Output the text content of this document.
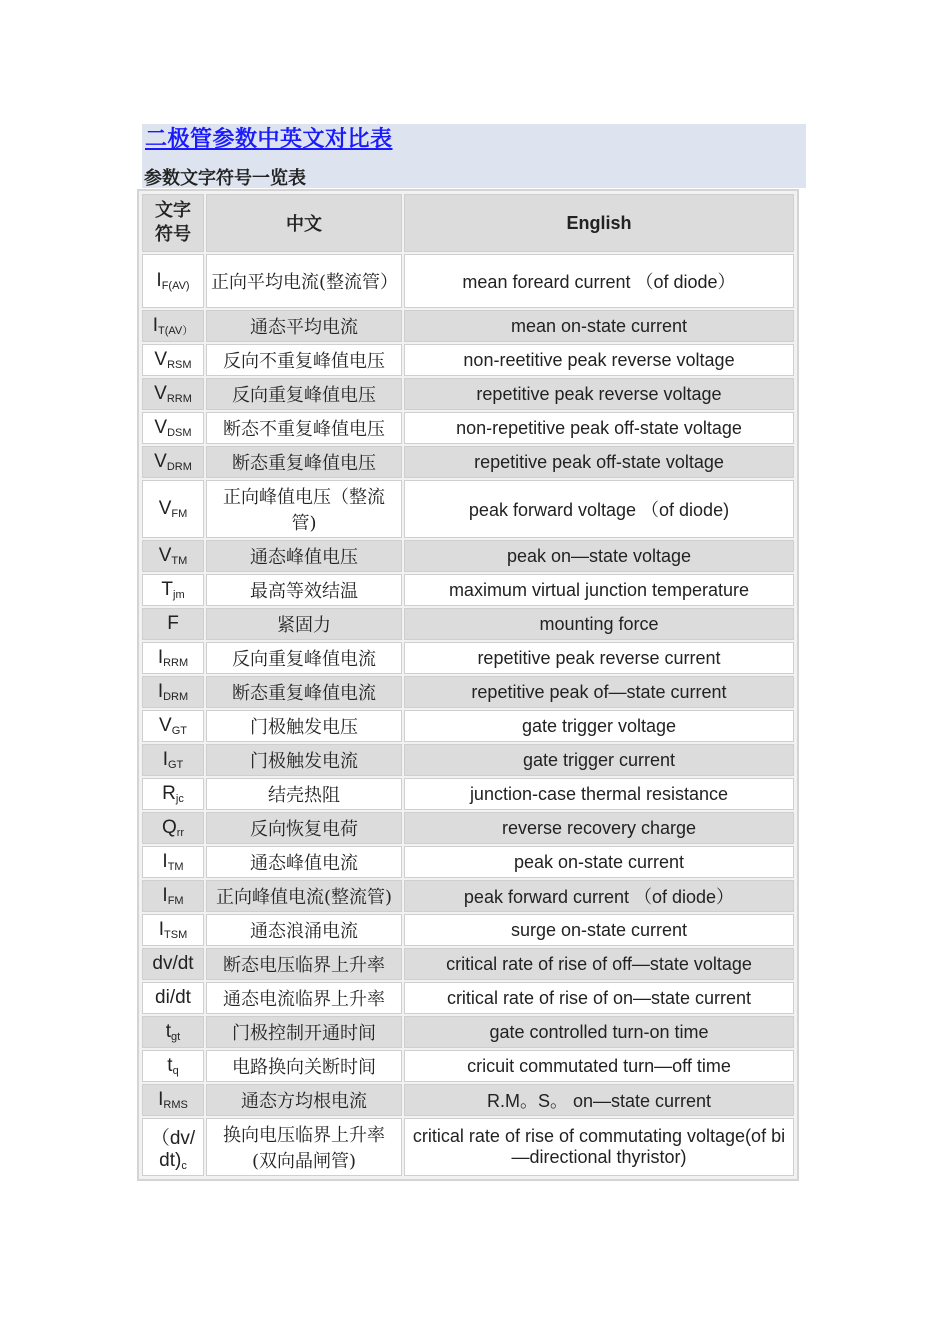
二极管参数中英文对比表
参数文字符号一览表
文字符号	中文	English
$I_{F(AV)}$	正向平均电流(整流管）	mean foreard current （of diode）
$I_{T(AV)}$	通态平均电流	mean on-state current
$V_{RSM}$	反向不重复峰值电压	non-reetitive peak reverse voltage
$V_{RRM}$	反向重复峰值电压	repetitive peak reverse voltage
$V_{DSM}$	断态不重复峰值电压	non-repetitive peak off-state voltage
$V_{DRM}$	断态重复峰值电压	repetitive peak off-state voltage
$V_{FM}$	正向峰值电压（整流管)	peak forward voltage （of diode)
$V_{TM}$	通态峰值电压	peak on—state voltage
$T_{jm}$	最高等效结温	maximum virtual junction temperature
F	紧固力	mounting force
$I_{RRM}$	反向重复峰值电流	repetitive peak reverse current
$I_{DRM}$	断态重复峰值电流	repetitive peak of—state current
$V_{GT}$	门极触发电压	gate trigger voltage
$I_{GT}$	门极触发电流	gate trigger current
$R_{jc}$	结壳热阻	junction-case thermal resistance
$Q_{rr}$	反向恢复电荷	reverse recovery charge
$I_{TM}$	通态峰值电流	peak on-state current
$I_{FM}$	正向峰值电流(整流管)	peak forward current （of diode）
$I_{TSM}$	通态浪涌电流	surge on-state current
dv/dt	断态电压临界上升率	critical rate of rise of off—state voltage
di/dt	通态电流临界上升率	critical rate of rise of on—state current
$t_{gt}$	门极控制开通时间	gate controlled turn-on time
$t_q$	电路换向关断时间	cricuit commutated turn—off time
$I_{RMS}$	通态方均根电流	R.M。S。 on—state current
$(dv/dt)_c$	换向电压临界上升率(双向晶闸管)	critical rate of rise of commutating voltage(of bi—directional thyristor)
